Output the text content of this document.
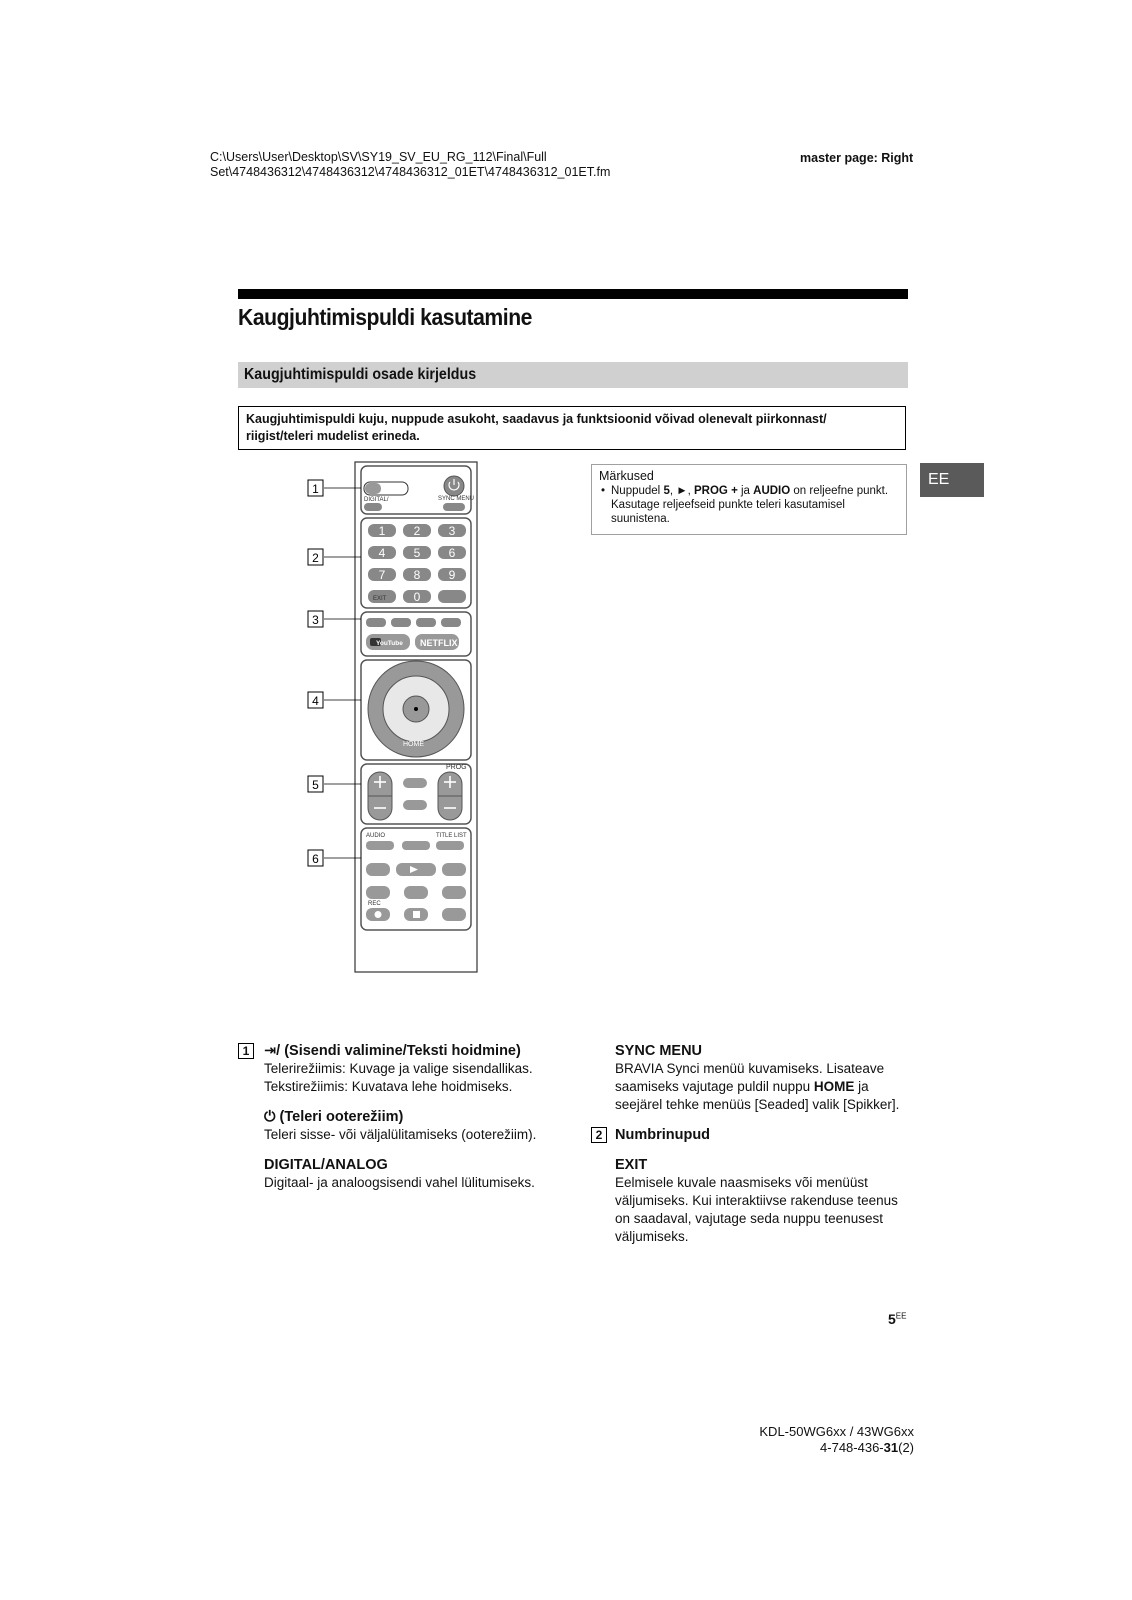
C:\Users\User\Desktop\SV\SY19_SV_EU_RG_112\Final\Full
Set\4748436312\4748436312\4748436312_01ET\4748436312_01ET.fm
master page: Right
Kaugjuhtimispuldi kasutamine
Kaugjuhtimispuldi osade kirjeldus
Kaugjuhtimispuldi kuju, nuppude asukoht, saadavus ja funktsioonid võivad olenevalt piirkonnast/ riigist/teleri mudelist erineda.
EE
Märkused
• Nuppudel 5, ►, PROG + ja AUDIO on reljeefne punkt. Kasutage reljeefseid punkte teleri kasutamisel suunistena.
1
2
3
4
5
6
DIGITAL/	SYNC MENU
EXIT
YouTube NETFLIX
HOME
PROG
AUDIO	TITLE LIST
REC
1 2 3
4 5 6
7 8 9
0
1	⇥/ (Sisendi valimine/Teksti hoidmine)
Telerirežiimis: Kuvage ja valige sisendallikas.
Tekstirežiimis: Kuvatava lehe hoidmiseks.
⏻ (Teleri ooterežiim)
Teleri sisse- või väljalülitamiseks (ooterežiim).
DIGITAL/ANALOG
Digitaal- ja analoogsisendi vahel lülitumiseks.
SYNC MENU
BRAVIA Synci menüü kuvamiseks. Lisateave saamiseks vajutage puldil nuppu HOME ja seejärel tehke menüüs [Seaded] valik [Spikker].
2 Numbrinupud
EXIT
Eelmisele kuvale naasmiseks või menüüst väljumiseks. Kui interaktiivse rakenduse teenus on saadaval, vajutage seda nuppu teenusest väljumiseks.
$5^{EE}$
KDL-50WG6xx / 43WG6xx
4-748-436-31(2)
